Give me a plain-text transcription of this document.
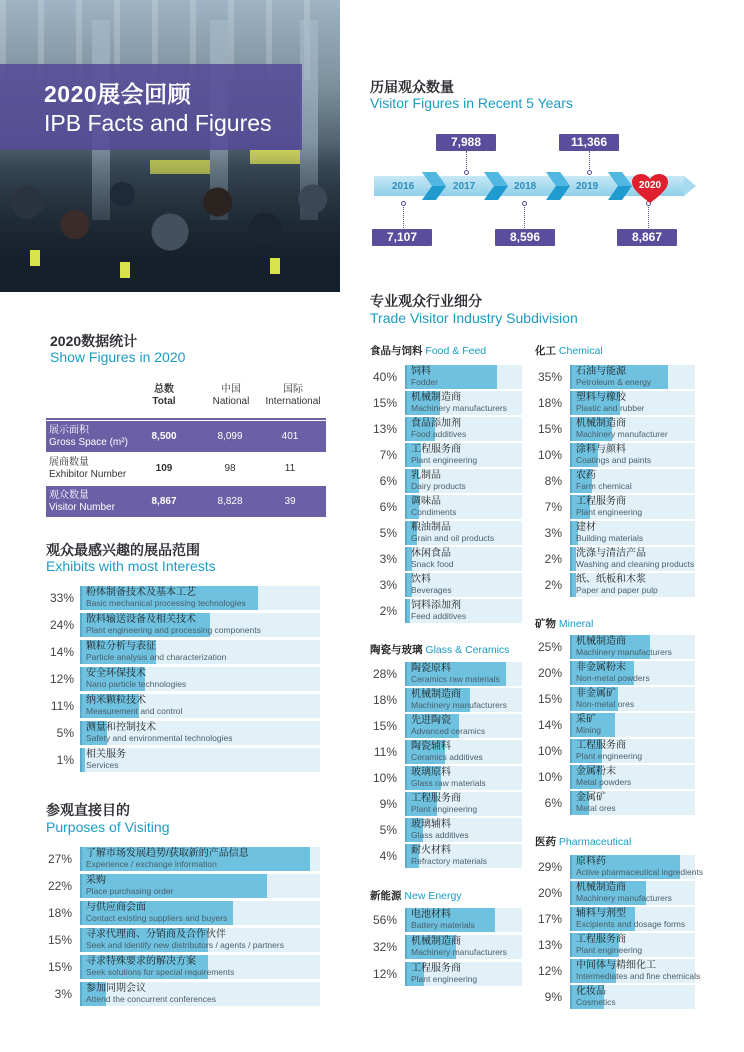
2020展会回顾
IPB Facts and Figures
历届观众数量
Visitor Figures in Recent 5 Years
2016
7,107
2017
7,988
2018
8,596
2019
11,366
8,867
2020
2020数据统计
Show Figures in 2020
总数
Total
中国
National
国际
International
展示面积
Gross Space (m²)
8,500	8,099	401
展商数量
Exhibitor Number
109	98	11
观众数量
Visitor Number
8,867	8,828	39
观众最感兴趣的展品范围
Exhibits with most Interests
33% 粉体制备技术及基本工艺
Basic mechanical processing technologies
24% 散料输送设备及相关技术
Plant engineering and processing components
14% 颗粒分析与表征
Particle analysis and characterization
12% 安全环保技术
Nano particle technologies
11% 纳米颗粒技术
Measurement and control
5% 测量和控制技术
Safety and environmental technologies
1% 相关服务
Services
参观直接目的
Purposes of Visiting
27% 了解市场发展趋势/获取新的产品信息
Experience / exchange information
22% 采购
Place purchasing order
18% 与供应商会面
Contact existing suppliers and buyers
15% 寻求代理商、分销商及合作伙伴
Seek and identify new distributors / agents / partners
15% 寻求特殊要求的解决方案
Seek solutions for special requirements
3% 参加同期会议
Attend the concurrent conferences
专业观众行业细分
Trade Visitor Industry Subdivision
食品与饲料 Food & Feed	化工 Chemical
矿物 Mineral
陶瓷与玻璃 Glass & Ceramics
医药 Pharmaceutical
新能源 New Energy
40% 饲料
Fodder
15% 机械制造商
Machinery manufacturers
13% 食品添加剂
Food additives
7% 工程服务商
Plant engineering
6% 乳制品
Dairy products
6% 调味品
Condiments
5% 粮油制品
Grain and oil products
3% 休闲食品
Snack food
3% 饮料
Beverages
2% 饲料添加剂
Feed additives
35% 石油与能源
Petroleum & energy
18% 塑料与橡胶
Plastic and rubber
15% 机械制造商
Machinery manufacturer
10% 涂料与颜料
Coatings and paints
8% 农药
Farm chemical
7% 工程服务商
Plant engineering
3% 建材
Building materials
2% 洗涤与清洁产品
Washing and cleaning products
2% 纸、纸板和木浆
Paper and paper pulp
25% 机械制造商
Machinery manufacturers
20% 非金属粉末
Non-metal powders
15% 非金属矿
Non-metal ores
14% 采矿
Mining
10% 工程服务商
Plant engineering
10% 金属粉末
Metal powders
6% 金属矿
Metal ores
28% 陶瓷原料
Ceramics raw materials
18% 机械制造商
Machinery manufacturers
15% 先进陶瓷
Advanced ceramics
11% 陶瓷辅料
Ceramics additives
10% 玻璃原料
Glass raw materials
9% 工程服务商
Plant engineering
5% 玻璃辅料
Glass additives
4% 耐火材料
Refractory materials	29% 原料药
Active pharmaceutical ingredients
20% 机械制造商
Machinery manufacturers
17% 辅料与剂型
Excipients and dosage forms
13% 工程服务商
Plant engineering
12% 中间体与精细化工
Intermediates and fine chemicals
9% 化妆品
Cosmetics
56% 电池材料
Battery materials
32% 机械制造商
Machinery manufacturers
12% 工程服务商
Plant engineering
